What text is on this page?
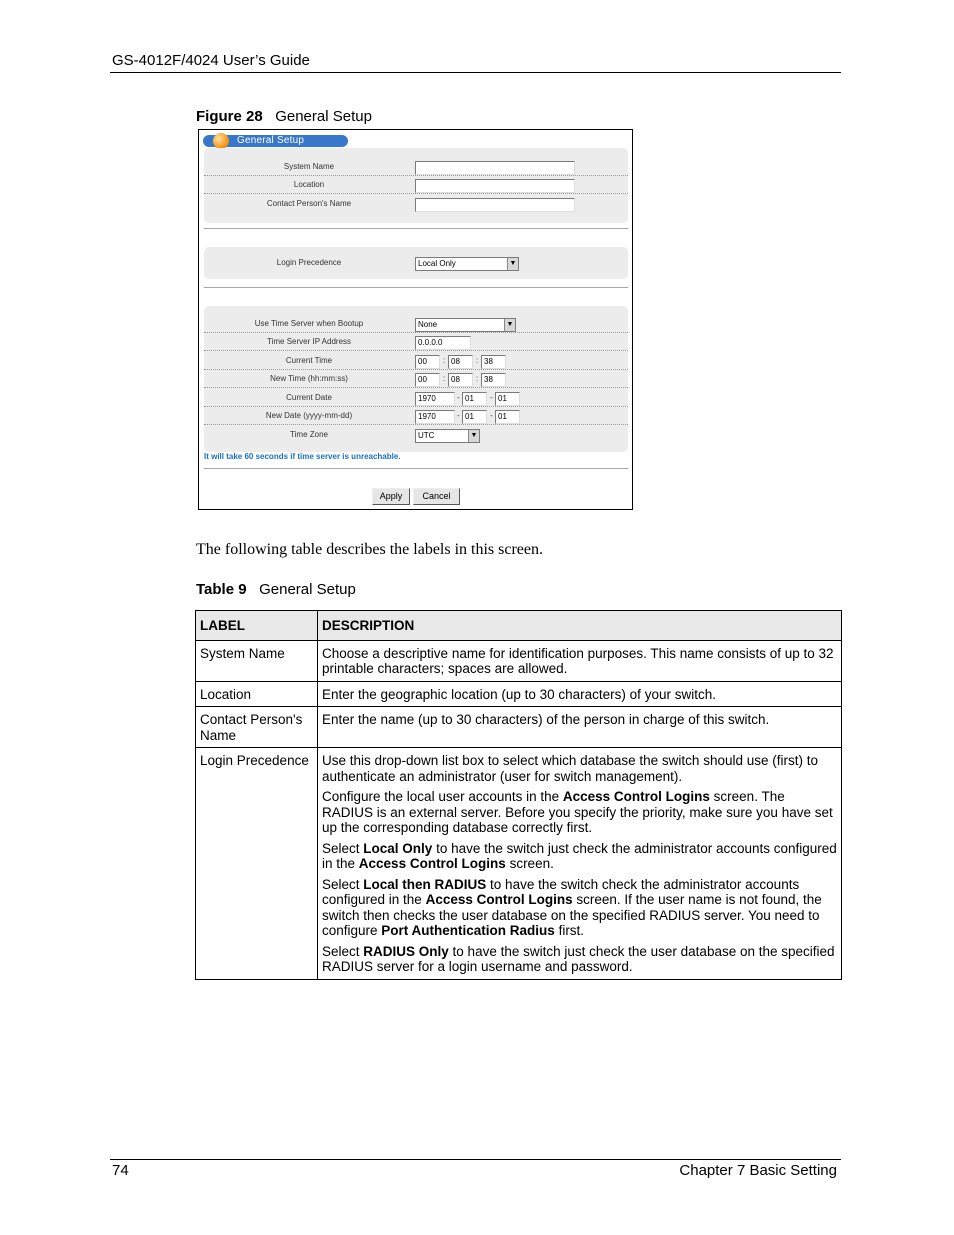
GS-4012F/4024 User’s Guide
Figure 28 General Setup
General Setup
System Name
Location
Contact Person's Name
Login Precedence	Local Only	▼
Use Time Server when Bootup	None	▼
Time Server IP Address	0.0.0.0
Current Time	00	: 08	: 38
New Time (hh:mm:ss)	00	: 08	: 38
Current Date	1970	- 01	- 01
New Date (yyyy-mm-dd)	1970	- 01	- 01
Time Zone	UTC	▼
It will take 60 seconds if time server is unreachable.
Apply	Cancel
The following table describes the labels in this screen.
Table 9 General Setup
LABEL	DESCRIPTION
System Name	Choose a descriptive name for identification purposes. This name consists of up to 32 printable characters; spaces are allowed.
Location	Enter the geographic location (up to 30 characters) of your switch.
Contact Person's Name	Enter the name (up to 30 characters) of the person in charge of this switch.
Login Precedence	Use this drop-down list box to select which database the switch should use (first) to authenticate an administrator (user for switch management).

Configure the local user accounts in the Access Control Logins screen. The RADIUS is an external server. Before you specify the priority, make sure you have set up the corresponding database correctly first.

Select Local Only to have the switch just check the administrator accounts configured in the Access Control Logins screen.

Select Local then RADIUS to have the switch check the administrator accounts configured in the Access Control Logins screen. If the user name is not found, the switch then checks the user database on the specified RADIUS server. You need to configure Port Authentication Radius first.

Select RADIUS Only to have the switch just check the user database on the specified RADIUS server for a login username and password.

74	Chapter 7 Basic Setting
